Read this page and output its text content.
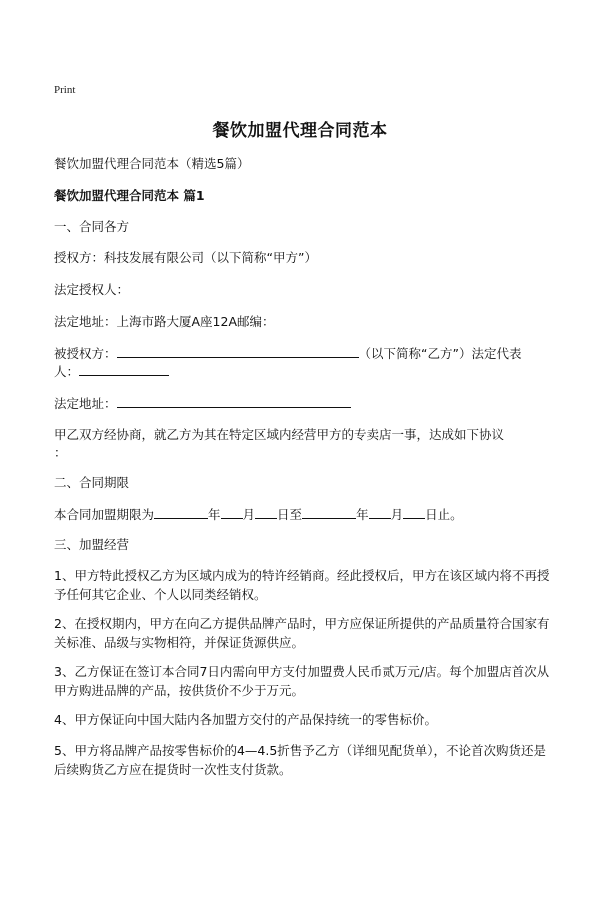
Print
餐饮加盟代理合同范本
餐饮加盟代理合同范本（精选5篇）
餐饮加盟代理合同范本 篇1
一、合同各方
授权方：科技发展有限公司（以下简称“甲方”）
法定授权人：
法定地址：上海市路大厦A座12A邮编：
被授权方：	（以下简称“乙方”）法定代表
人：
法定地址：
甲乙双方经协商，就乙方为其在特定区域内经营甲方的专卖店一事，达成如下协议
：
二、合同期限
本合同加盟期限为	年 月 日至	年 月 日止。
三、加盟经营
1、甲方特此授权乙方为区域内成为的特许经销商。经此授权后，甲方在该区域内将不再授予任何其它企业、个人以同类经销权。
2、在授权期内，甲方在向乙方提供品牌产品时，甲方应保证所提供的产品质量符合国家有关标准、品级与实物相符，并保证货源供应。
3、乙方保证在签订本合同7日内需向甲方支付加盟费人民币贰万元/店。每个加盟店首次从甲方购进品牌的产品，按供货价不少于万元。
4、甲方保证向中国大陆内各加盟方交付的产品保持统一的零售标价。
5、甲方将品牌产品按零售标价的4—4.5折售予乙方（详细见配货单），不论首次购货还是后续购货乙方应在提货时一次性支付货款。
